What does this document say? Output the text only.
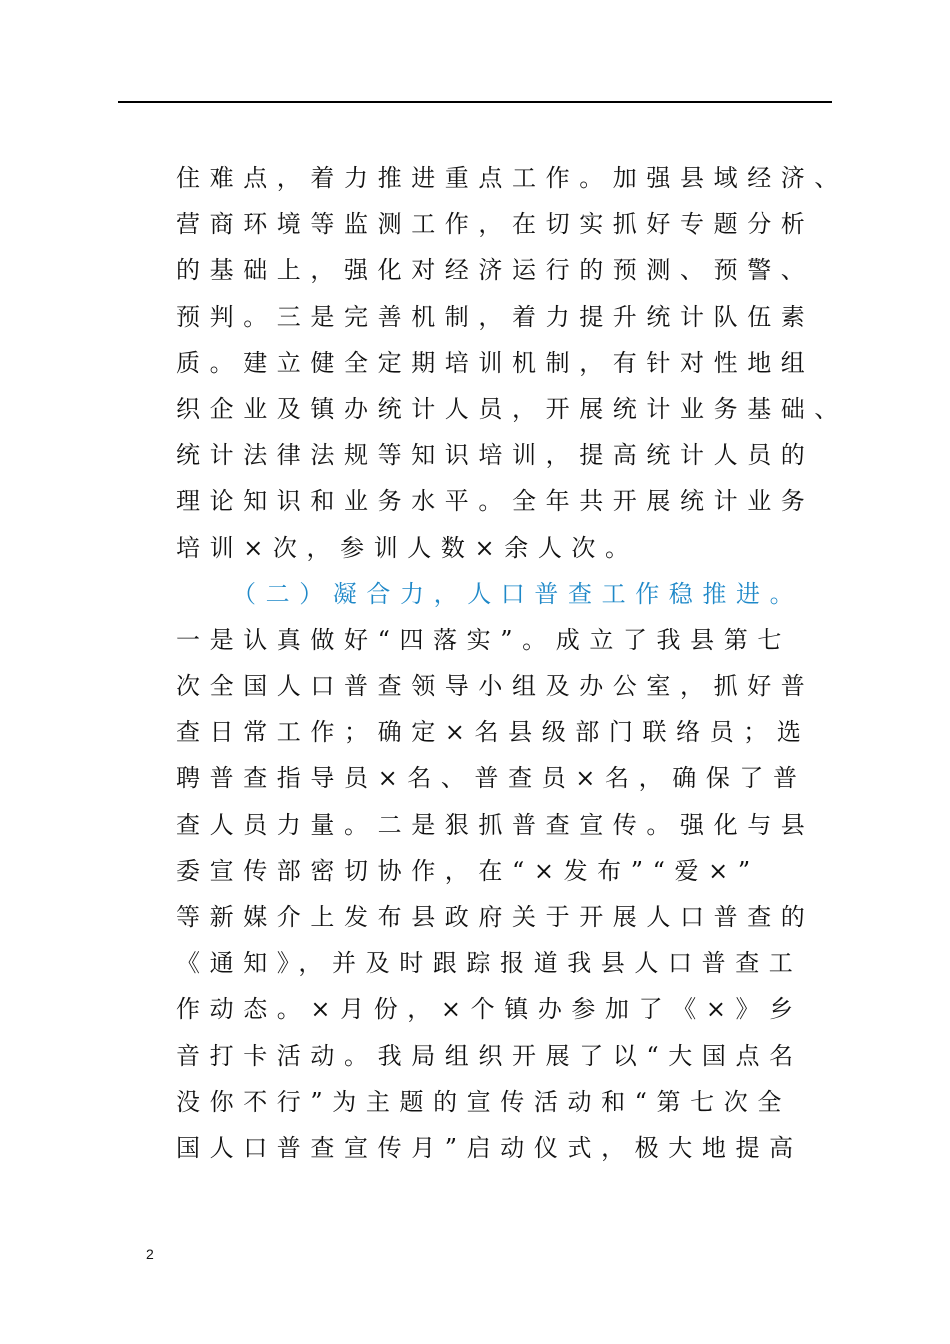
住难点，着力推进重点工作。加强县域经济、
营商环境等监测工作，在切实抓好专题分析
的基础上，强化对经济运行的预测、预警、
预判。三是完善机制，着力提升统计队伍素
质。建立健全定期培训机制，有针对性地组
织企业及镇办统计人员，开展统计业务基础、
统计法律法规等知识培训，提高统计人员的
理论知识和业务水平。全年共开展统计业务
培训×次，参训人数×余人次。
（二）凝合力，人口普查工作稳推进。
一是认真做好“四落实”。成立了我县第七
次全国人口普查领导小组及办公室，抓好普
查日常工作；确定×名县级部门联络员；选
聘普查指导员×名、普查员×名，确保了普
查人员力量。二是狠抓普查宣传。强化与县
委宣传部密切协作，在“×发布”“爱×”
等新媒介上发布县政府关于开展人口普查的
《通知》，并及时跟踪报道我县人口普查工
作动态。×月份，×个镇办参加了《×》乡
音打卡活动。我局组织开展了以“大国点名
没你不行”为主题的宣传活动和“第七次全
国人口普查宣传月”启动仪式，极大地提高
2
